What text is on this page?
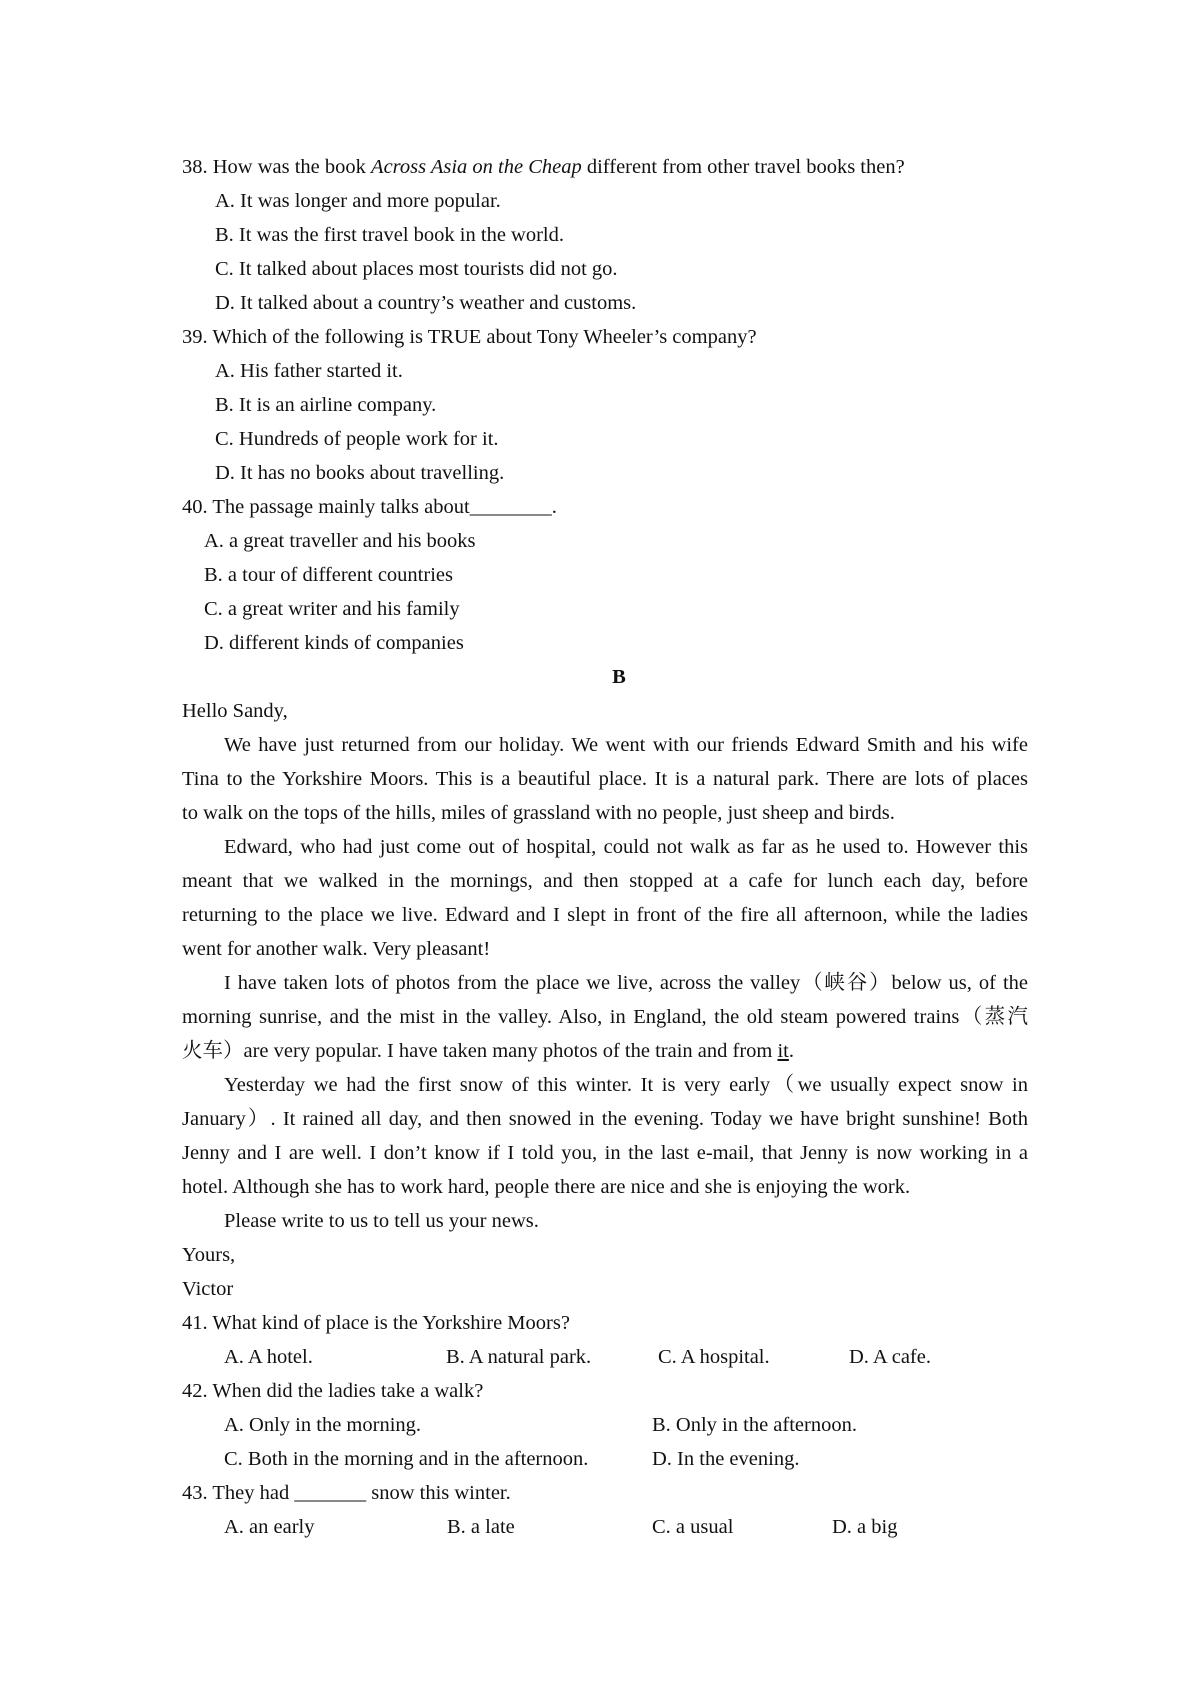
38. How was the book Across Asia on the Cheap different from other travel books then?
A. It was longer and more popular.
B. It was the first travel book in the world.
C. It talked about places most tourists did not go.
D. It talked about a country’s weather and customs.
39. Which of the following is TRUE about Tony Wheeler’s company?
A. His father started it.
B. It is an airline company.
C. Hundreds of people work for it.
D. It has no books about travelling.
40. The passage mainly talks about________.
A. a great traveller and his books
B. a tour of different countries
C. a great writer and his family
D. different kinds of companies
B
Hello Sandy,
We have just returned from our holiday. We went with our friends Edward Smith and his wife
Tina to the Yorkshire Moors. This is a beautiful place. It is a natural park. There are lots of places
to walk on the tops of the hills, miles of grassland with no people, just sheep and birds.
Edward, who had just come out of hospital, could not walk as far as he used to. However this
meant that we walked in the mornings, and then stopped at a cafe for lunch each day, before
returning to the place we live. Edward and I slept in front of the fire all afternoon, while the ladies
went for another walk. Very pleasant!
I have taken lots of photos from the place we live, across the valley（峡谷）below us, of the
morning sunrise, and the mist in the valley. Also, in England, the old steam powered trains（蒸汽
火车）are very popular. I have taken many photos of the train and from it.
Yesterday we had the first snow of this winter. It is very early（we usually expect snow in
January）. It rained all day, and then snowed in the evening. Today we have bright sunshine! Both
Jenny and I are well. I don’t know if I told you, in the last e-mail, that Jenny is now working in a
hotel. Although she has to work hard, people there are nice and she is enjoying the work.
Please write to us to tell us your news.
Yours,
Victor
41. What kind of place is the Yorkshire Moors?
A. A hotel.	B. A natural park.	C. A hospital.	D. A cafe.
42. When did the ladies take a walk?
A. Only in the morning.	B. Only in the afternoon.
C. Both in the morning and in the afternoon.	D. In the evening.
43. They had _______ snow this winter.
A. an early	B. a late	C. a usual	D. a big
